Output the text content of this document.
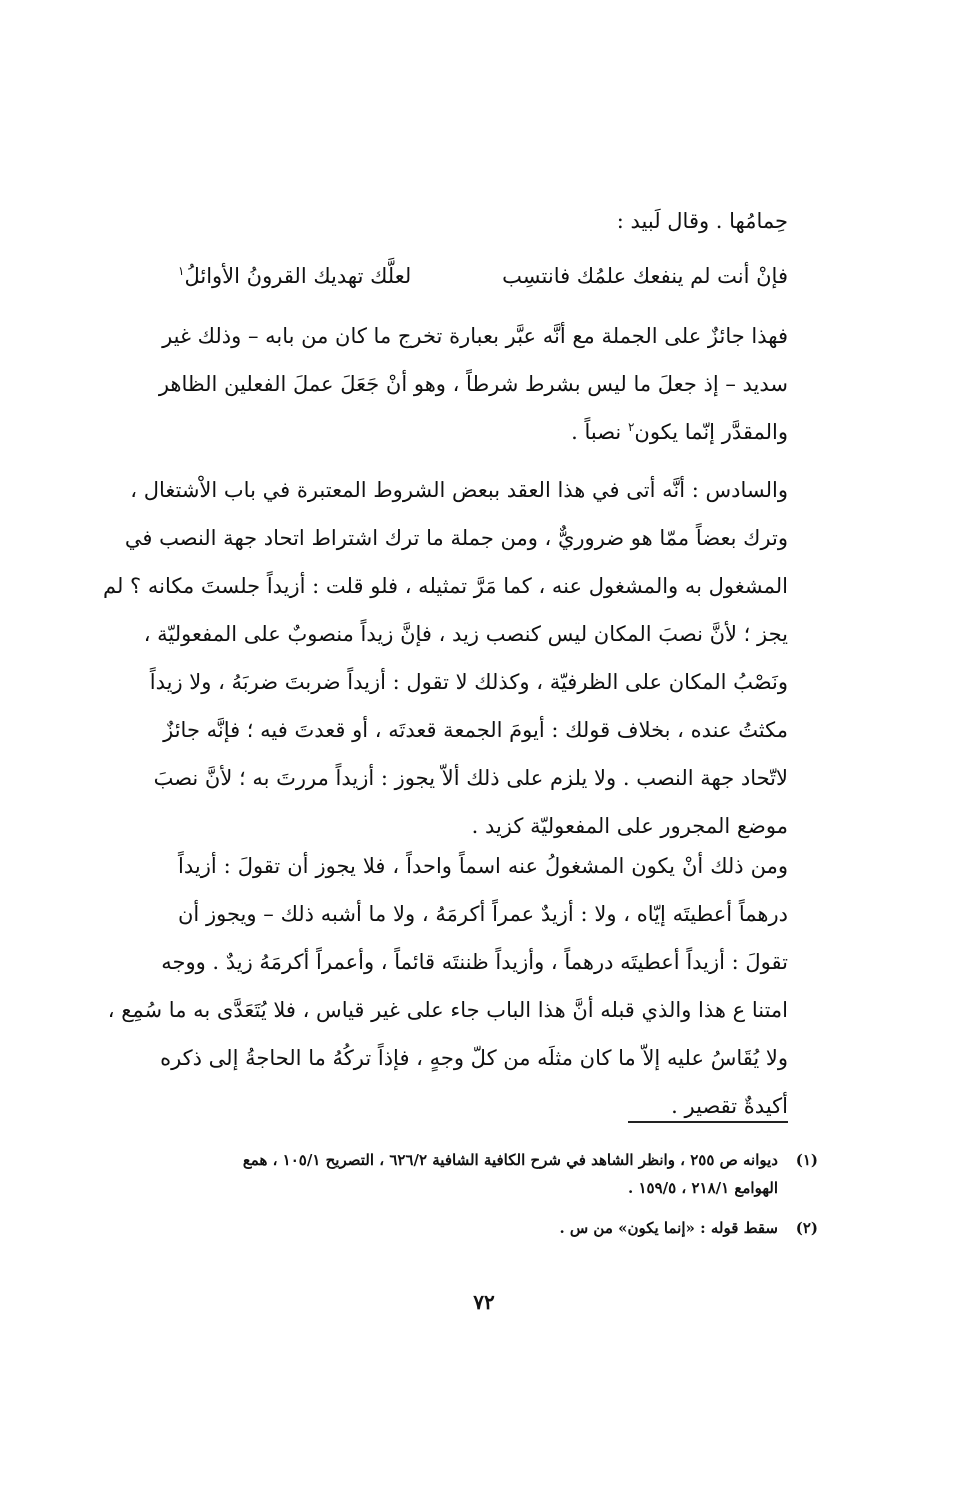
حِمامُها . وقال لَبيد :
فإنْ أنت لم ينفعك علمُك فانتسِب
لعلَّك تهديك القرونُ الأوائلُ$^١$
فهذا جائزٌ على الجملة مع أنَّه عبَّر بعبارة تخرج ما كان من بابه – وذلك غير
سديد – إذ جعلَ ما ليس بشرط شرطاً ، وهو أنْ جَعَلَ عملَ الفعلين الظاهر
والمقدَّر إنّما يكون$^٢$ نصباً .
والسادس : أنَّه أتى في هذا العقد ببعض الشروط المعتبرة في باب الاْشتغال ،
وترك بعضاً ممّا هو ضروريٌّ ، ومن جملة ما ترك اشتراط اتحاد جهة النصب في
المشغول به والمشغول عنه ، كما مَرَّ تمثيله ، فلو قلت : أزيداً جلستَ مكانه ؟ لم
يجز ؛ لأنَّ نصبَ المكان ليس كنصب زيد ، فإنَّ زيداً منصوبٌ على المفعوليّة ،
ونَصْبُ المكان على الظرفيّة ، وكذلك لا تقول : أزيداً ضربتَ ضربَهُ ، ولا زيداً
مكثتُ عنده ، بخلاف قولك : أيومَ الجمعة قعدتَه ، أو قعدتَ فيه ؛ فإنَّه جائزٌ
لاتّحاد جهة النصب . ولا يلزم على ذلك ألاّ يجوز : أزيداً مررتَ به ؛ لأنَّ نصبَ
موضع المجرور على المفعوليّة كزيد .
ومن ذلك أنْ يكون المشغولُ عنه اسماً واحداً ، فلا يجوز أن تقولَ : أزيداً
درهماً أعطيتَه إيّاه ، ولا : أزيدٌ عمراً أكرمَهُ ، ولا ما أشبه ذلك – ويجوز أن
تقولَ : أزيداً أعطيتَه درهماً ، وأزيداً ظننتَه قائماً ، وأعمراً أكرمَهُ زيدٌ . ووجه
امتنا ع هذا والذي قبله أنَّ هذا الباب جاء على غير قياس ، فلا يُتَعَدَّى به ما سُمِع ،
ولا يُقَاسُ عليه إلاّ ما كان مثلَه من كلّ وجهٍ ، فإذاً تركُهُ ما الحاجةُ إلى ذكره
أكيدةٌ تقصير .
(١)ديوانه ص ٢٥٥ ، وانظر الشاهد في شرح الكافية الشافية ٦٢٦/٢ ، التصريح ١٠٥/١ ، همع
الهوامع ٢١٨/١ ، ١٥٩/٥ .
(٢)سقط قوله : «إنما يكون» من س .
٧٢
